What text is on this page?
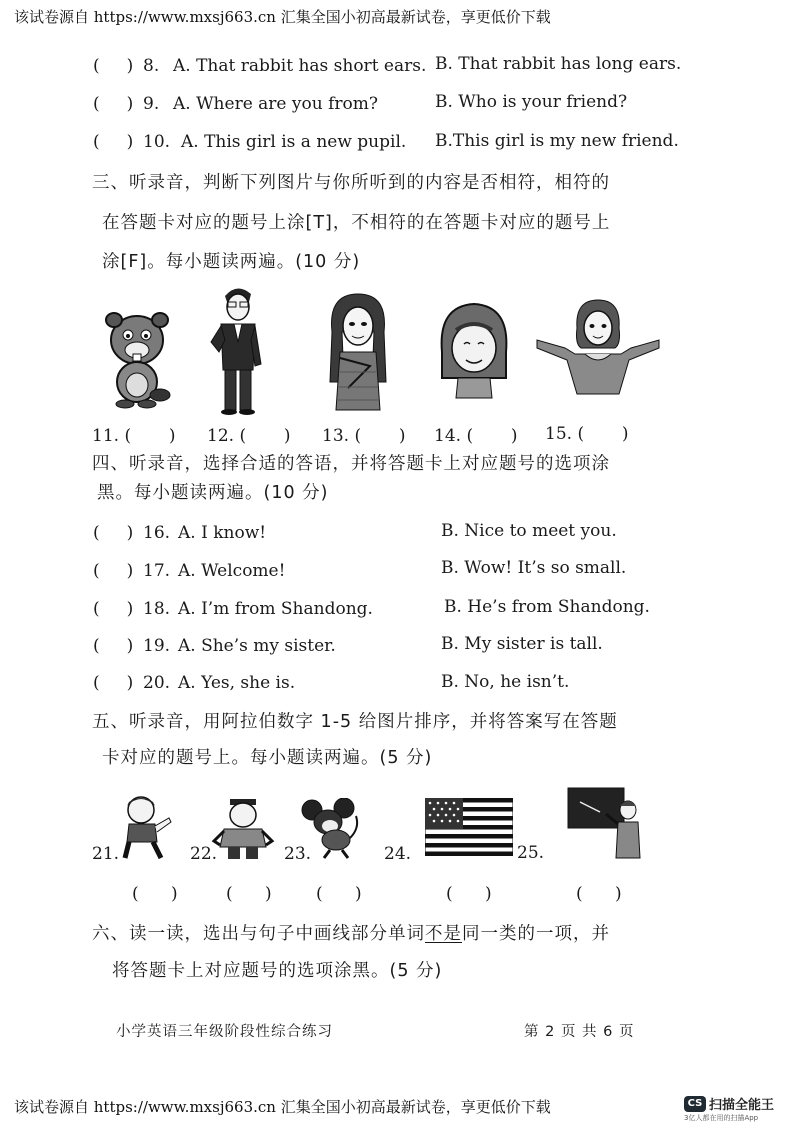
该试卷源自 https://www.mxsj663.cn 汇集全国小初高最新试卷，享更低价下载
(     ) 8. A. That rabbit has short ears. B. That rabbit has long ears.
(     ) 9. A. Where are you from?	B. Who is your friend?
(     ) 10. A. This girl is a new pupil. B.This girl is my new friend.
三、听录音，判断下列图片与你所听到的内容是否相符，相符的
在答题卡对应的题号上涂[T]，不相符的在答题卡对应的题号上
涂[F]。每小题读两遍。(10 分)
11. ( ) 12. ( ) 13. ( ) 14. ( ) 15. ( )
四、听录音，选择合适的答语，并将答题卡上对应题号的选项涂
黑。每小题读两遍。(10 分)
(     ) 16. A. I know!	B. Nice to meet you.
(     ) 17. A. Welcome!	B. Wow! It’s so small.
(     ) 18. A. I’m from Shandong.	B. He’s from Shandong.
(     ) 19. A. She’s my sister.	B. My sister is tall.
(     ) 20. A. Yes, she is.	B. No, he isn’t.
五、听录音，用阿拉伯数字 1-5 给图片排序，并将答案写在答题
卡对应的题号上。每小题读两遍。(5 分)
21.	22.	23.	24.	25.
(      )	(      )	(      )	(      )	(      )
六、读一读，选出与句子中画线部分单词不是同一类的一项，并
将答题卡上对应题号的选项涂黑。(5 分)
小学英语三年级阶段性综合练习	第 2 页 共 6 页
该试卷源自 https://www.mxsj663.cn 汇集全国小初高最新试卷，享更低价下载	CS 扫描全能王
3亿人都在用的扫描App
